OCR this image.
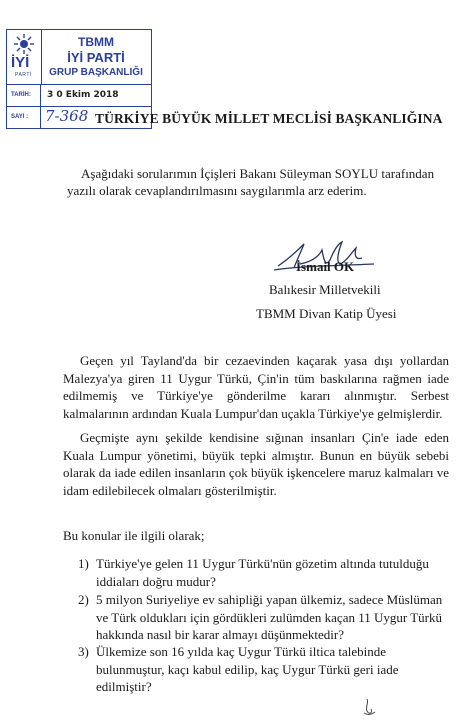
İYİ
PARTİ
TBMM
İYİ PARTİ
GRUP BAŞKANLIĞI
TARİH:	3 0 Ekim 2018
SAYI :	7-368 TÜRKİYE BÜYÜK MİLLET MECLİSİ BAŞKANLIĞINA
Aşağıdaki sorularımın İçişleri Bakanı Süleyman SOYLU tarafından
yazılı olarak cevaplandırılmasını saygılarımla arz ederim.
İsmail OK
Balıkesir Milletvekili
TBMM Divan Katip Üyesi
Geçen yıl Tayland'da bir cezaevinden kaçarak yasa dışı yollardan Malezya'ya giren 11 Uygur Türkü, Çin'in tüm baskılarına rağmen iade edilmemiş ve Türkiye'ye gönderilme kararı alınmıştır. Serbest kalmalarının ardından Kuala Lumpur'dan uçakla Türkiye'ye gelmişlerdir.
Geçmişte aynı şekilde kendisine sığınan insanları Çin'e iade eden Kuala Lumpur yönetimi, büyük tepki almıştır. Bunun en büyük sebebi olarak da iade edilen insanların çok büyük işkencelere maruz kalmaları ve idam edilebilecek olmaları gösterilmiştir.
Bu konular ile ilgili olarak;
1) Türkiye'ye gelen 11 Uygur Türkü'nün gözetim altında tutulduğu iddiaları doğru mudur?
2) 5 milyon Suriyeliye ev sahipliği yapan ülkemiz, sadece Müslüman ve Türk oldukları için gördükleri zulümden kaçan 11 Uygur Türkü hakkında nasıl bir karar almayı düşünmektedir?
3) Ülkemize son 16 yılda kaç Uygur Türkü iltica talebinde bulunmuştur, kaçı kabul edilip, kaç Uygur Türkü geri iade edilmiştir?
